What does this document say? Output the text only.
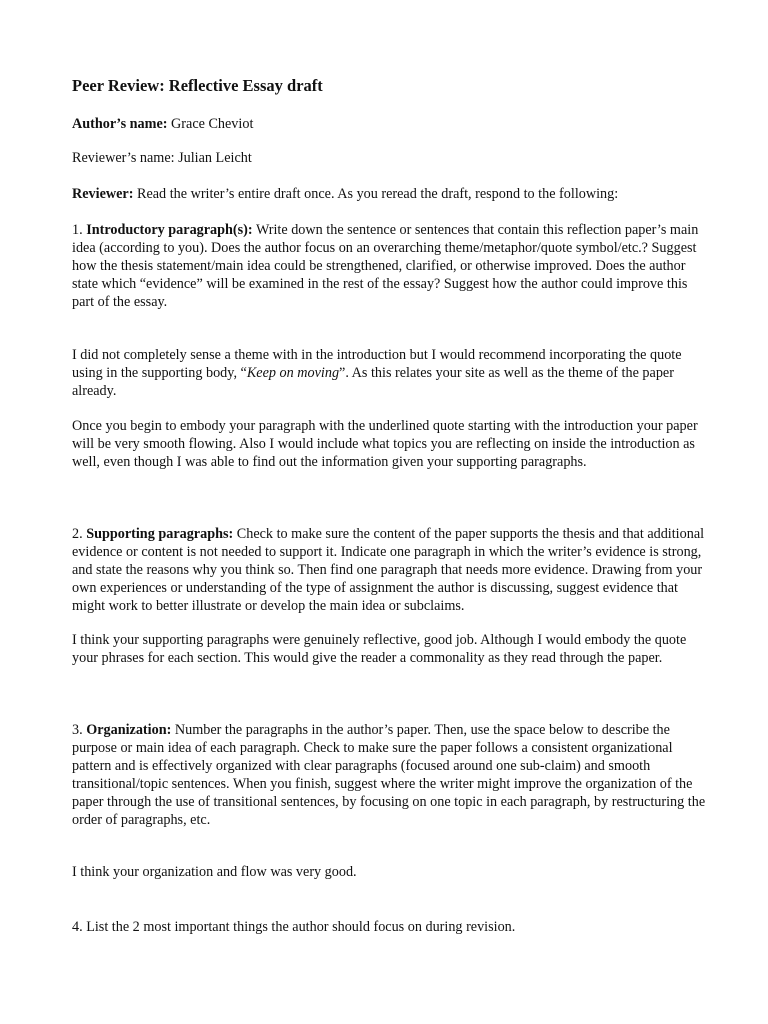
Peer Review: Reflective Essay draft

Author’s name: Grace Cheviot

Reviewer’s name: Julian Leicht

Reviewer: Read the writer’s entire draft once. As you reread the draft, respond to the following:

1. Introductory paragraph(s): Write down the sentence or sentences that contain this reflection paper’s main idea (according to you). Does the author focus on an overarching theme/metaphor/quote symbol/etc.? Suggest how the thesis statement/main idea could be strengthened, clarified, or otherwise improved. Does the author state which “evidence” will be examined in the rest of the essay? Suggest how the author could improve this part of the essay.

I did not completely sense a theme with in the introduction but I would recommend incorporating the quote using in the supporting body, “Keep on moving”. As this relates your site as well as the theme of the paper already.

Once you begin to embody your paragraph with the underlined quote starting with the introduction your paper will be very smooth flowing. Also I would include what topics you are reflecting on inside the introduction as well, even though I was able to find out the information given your supporting paragraphs.

2. Supporting paragraphs: Check to make sure the content of the paper supports the thesis and that additional evidence or content is not needed to support it. Indicate one paragraph in which the writer’s evidence is strong, and state the reasons why you think so. Then find one paragraph that needs more evidence. Drawing from your own experiences or understanding of the type of assignment the author is discussing, suggest evidence that might work to better illustrate or develop the main idea or subclaims.

I think your supporting paragraphs were genuinely reflective, good job. Although I would embody the quote your phrases for each section. This would give the reader a commonality as they read through the paper.

3. Organization: Number the paragraphs in the author’s paper. Then, use the space below to describe the purpose or main idea of each paragraph. Check to make sure the paper follows a consistent organizational pattern and is effectively organized with clear paragraphs (focused around one sub-claim) and smooth transitional/topic sentences. When you finish, suggest where the writer might improve the organization of the paper through the use of transitional sentences, by focusing on one topic in each paragraph, by restructuring the order of paragraphs, etc.

I think your organization and flow was very good.

4. List the 2 most important things the author should focus on during revision.
